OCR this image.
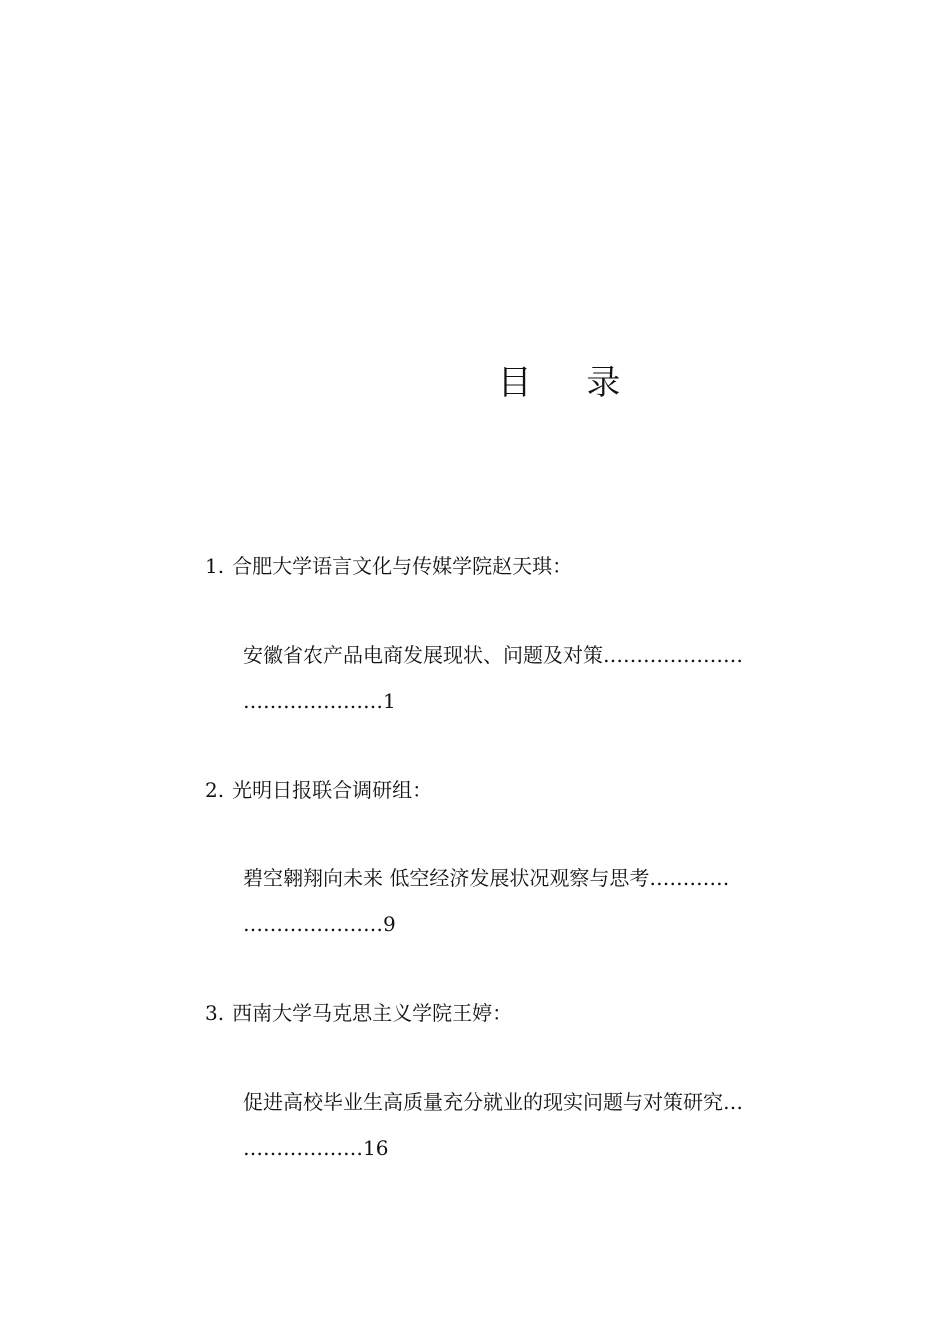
目 录
1. 合肥大学语言文化与传媒学院赵天琪：
安徽省农产品电商发展现状、问题及对策…………………
…………………1
2. 光明日报联合调研组：
碧空翱翔向未来 低空经济发展状况观察与思考…………
…………………9
3. 西南大学马克思主义学院王婷：
促进高校毕业生高质量充分就业的现实问题与对策研究…
………………16
